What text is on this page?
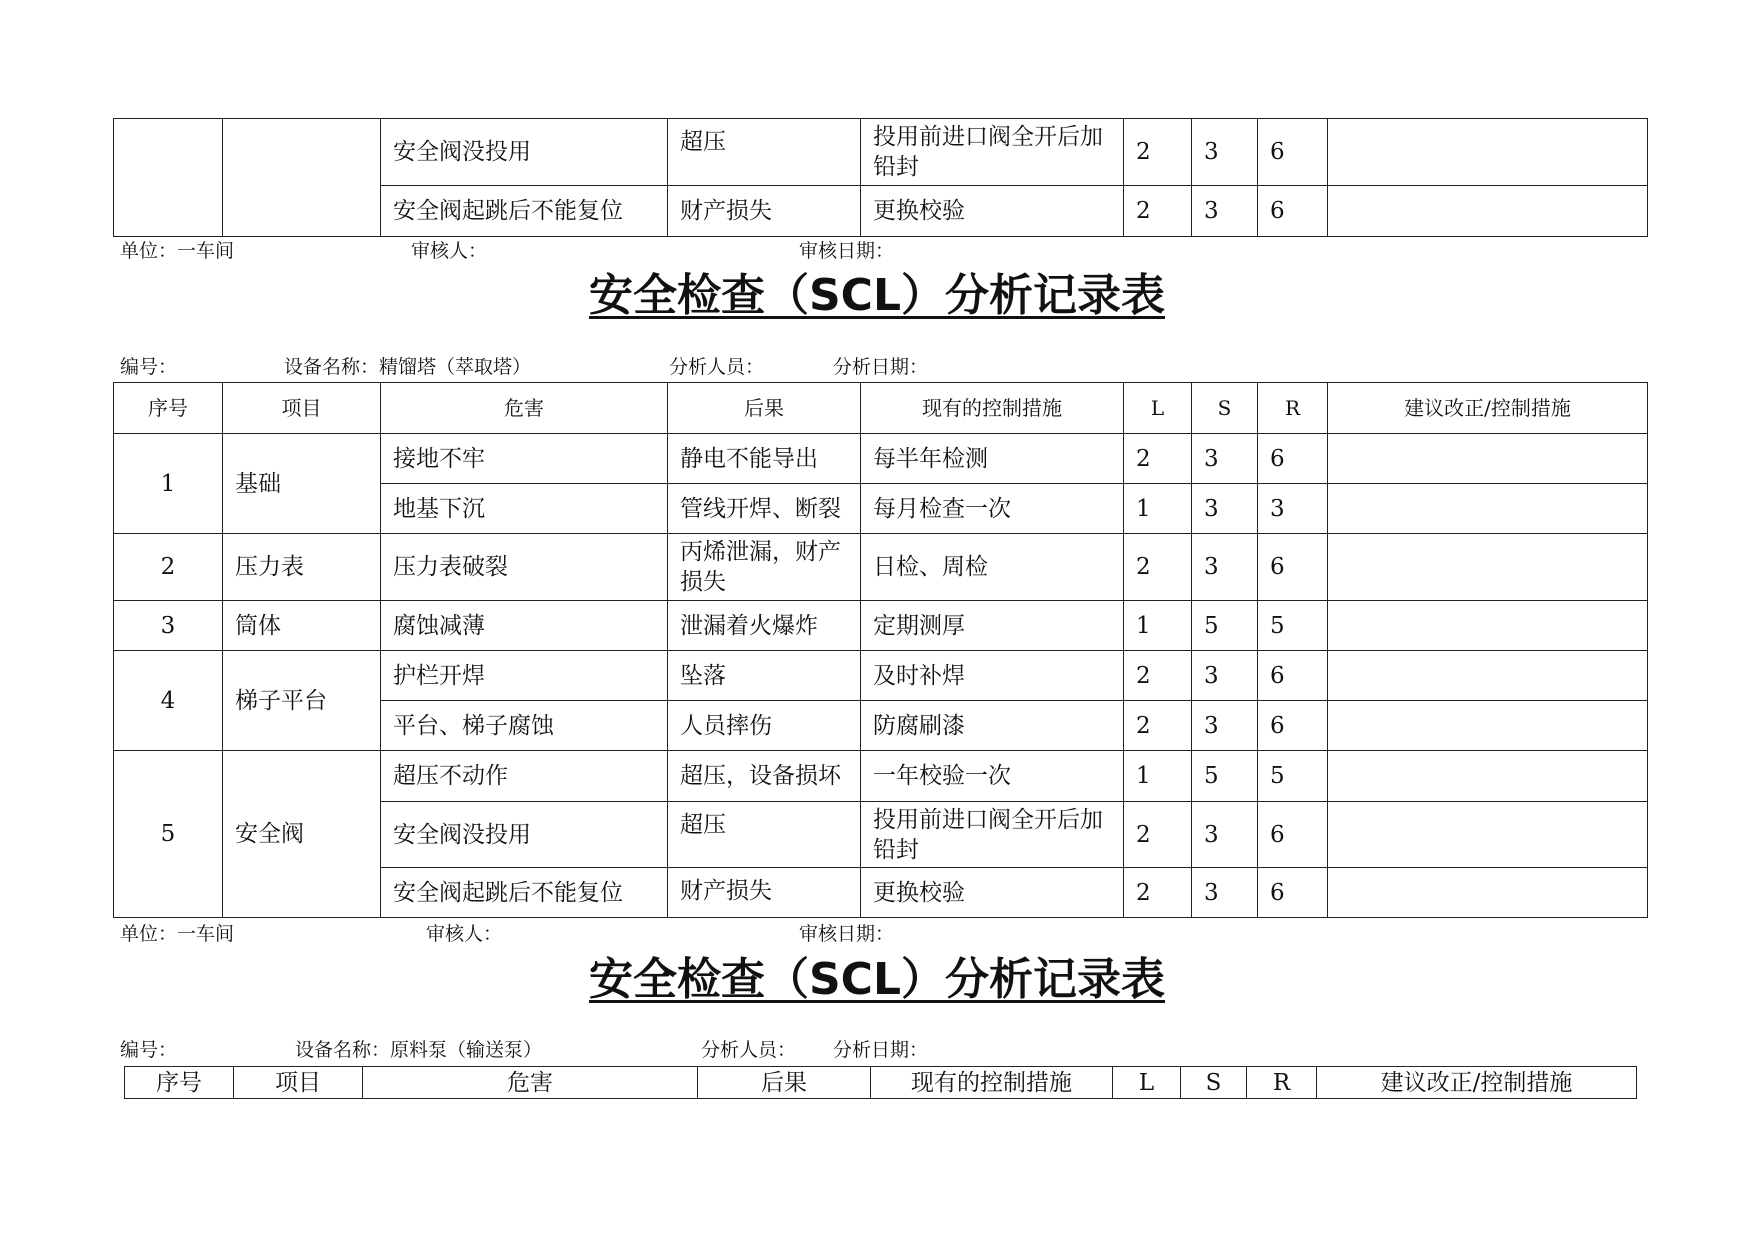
		安全阀没投用	超压	投用前进口阀全开后加铅封	2	3	6	
		安全阀起跳后不能复位	财产损失	更换校验	2	3	6	
单位：一车间	审核人：	审核日期：
安全检查（SCL）分析记录表
编号：	设备名称：精馏塔（萃取塔）	分析人员：	分析日期：
序号	项目	危害	后果	现有的控制措施	L	S	R	建议改正/控制措施
1	基础	接地不牢	静电不能导出	每半年检测	2	3	6	
		地基下沉	管线开焊、断裂	每月检查一次	1	3	3	
2	压力表	压力表破裂	丙烯泄漏，财产损失	日检、周检	2	3	6	
3	筒体	腐蚀减薄	泄漏着火爆炸	定期测厚	1	5	5	
4	梯子平台	护栏开焊	坠落	及时补焊	2	3	6	
		平台、梯子腐蚀	人员摔伤	防腐刷漆	2	3	6	
5	安全阀	超压不动作	超压，设备损坏	一年校验一次	1	5	5	
		安全阀没投用	超压	投用前进口阀全开后加铅封	2	3	6	
		安全阀起跳后不能复位	财产损失	更换校验	2	3	6	
单位：一车间	审核人：	审核日期：
安全检查（SCL）分析记录表
编号：	设备名称：原料泵（输送泵）	分析人员： 分析日期：
序号	项目	危害	后果	现有的控制措施	L	S	R	建议改正/控制措施
